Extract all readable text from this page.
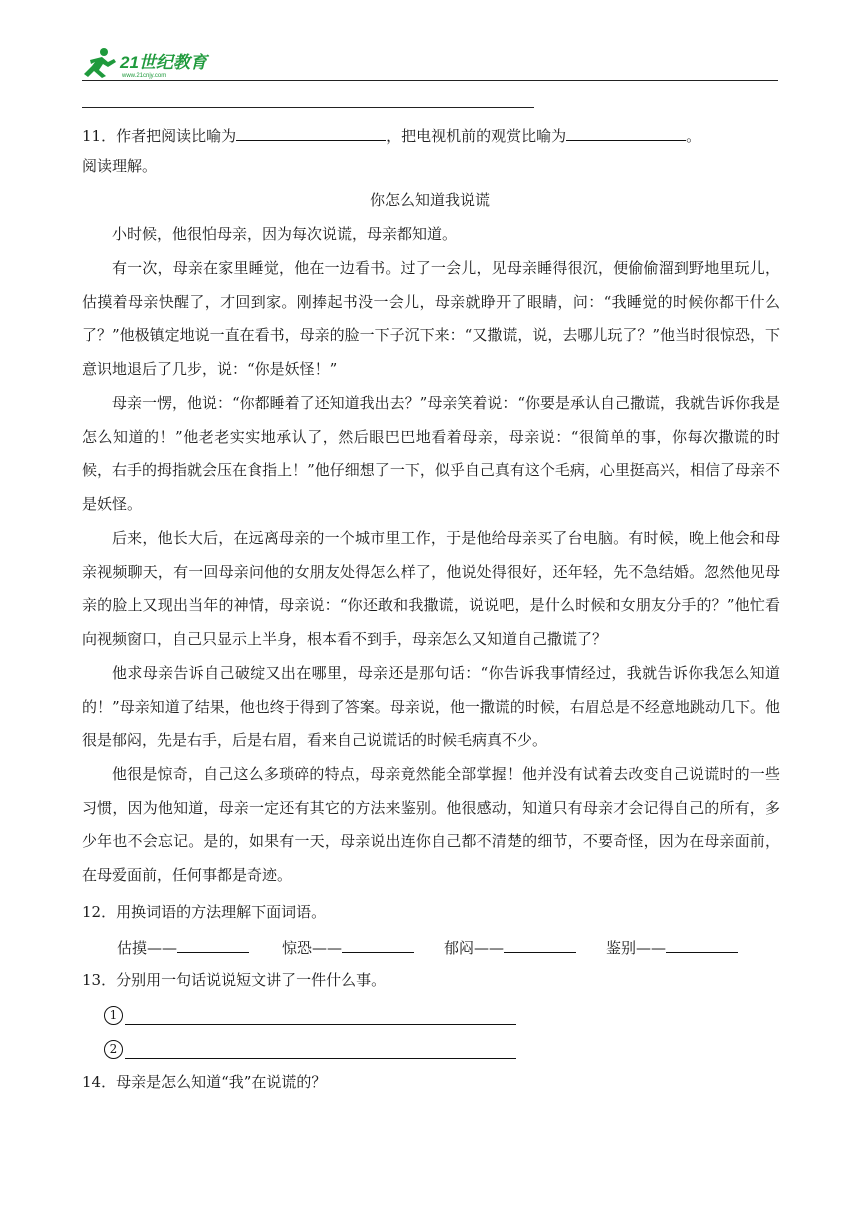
21世纪教育
www.21cnjy.com
11．作者把阅读比喻为	，把电视机前的观赏比喻为	。
阅读理解。
你怎么知道我说谎

小时候，他很怕母亲，因为每次说谎，母亲都知道。

有一次，母亲在家里睡觉，他在一边看书。过了一会儿，见母亲睡得很沉，便偷偷溜到野地里玩儿，估摸着母亲快醒了，才回到家。刚捧起书没一会儿，母亲就睁开了眼睛，问：“我睡觉的时候你都干什么了？”他极镇定地说一直在看书，母亲的脸一下子沉下来：“又撒谎，说，去哪儿玩了？”他当时很惊恐，下意识地退后了几步，说：“你是妖怪！”

母亲一愣，他说：“你都睡着了还知道我出去？”母亲笑着说：“你要是承认自己撒谎，我就告诉你我是怎么知道的！”他老老实实地承认了，然后眼巴巴地看着母亲，母亲说：“很简单的事，你每次撒谎的时候，右手的拇指就会压在食指上！”他仔细想了一下，似乎自己真有这个毛病，心里挺高兴，相信了母亲不是妖怪。

后来，他长大后，在远离母亲的一个城市里工作，于是他给母亲买了台电脑。有时候，晚上他会和母亲视频聊天，有一回母亲问他的女朋友处得怎么样了，他说处得很好，还年轻，先不急结婚。忽然他见母亲的脸上又现出当年的神情，母亲说：“你还敢和我撒谎，说说吧，是什么时候和女朋友分手的？”他忙看向视频窗口，自己只显示上半身，根本看不到手，母亲怎么又知道自己撒谎了？

他求母亲告诉自己破绽又出在哪里，母亲还是那句话：“你告诉我事情经过，我就告诉你我怎么知道的！”母亲知道了结果，他也终于得到了答案。母亲说，他一撒谎的时候，右眉总是不经意地跳动几下。他很是郁闷，先是右手，后是右眉，看来自己说谎话的时候毛病真不少。

他很是惊奇，自己这么多琐碎的特点，母亲竟然能全部掌握！他并没有试着去改变自己说谎时的一些习惯，因为他知道，母亲一定还有其它的方法来鉴别。他很感动，知道只有母亲才会记得自己的所有，多少年也不会忘记。是的，如果有一天，母亲说出连你自己都不清楚的细节，不要奇怪，因为在母亲面前，在母爱面前，任何事都是奇迹。

12．用换词语的方法理解下面词语。
估摸——	惊恐——	郁闷——	鉴别——
13．分别用一句话说说短文讲了一件什么事。
1
2
14．母亲是怎么知道“我”在说谎的？
